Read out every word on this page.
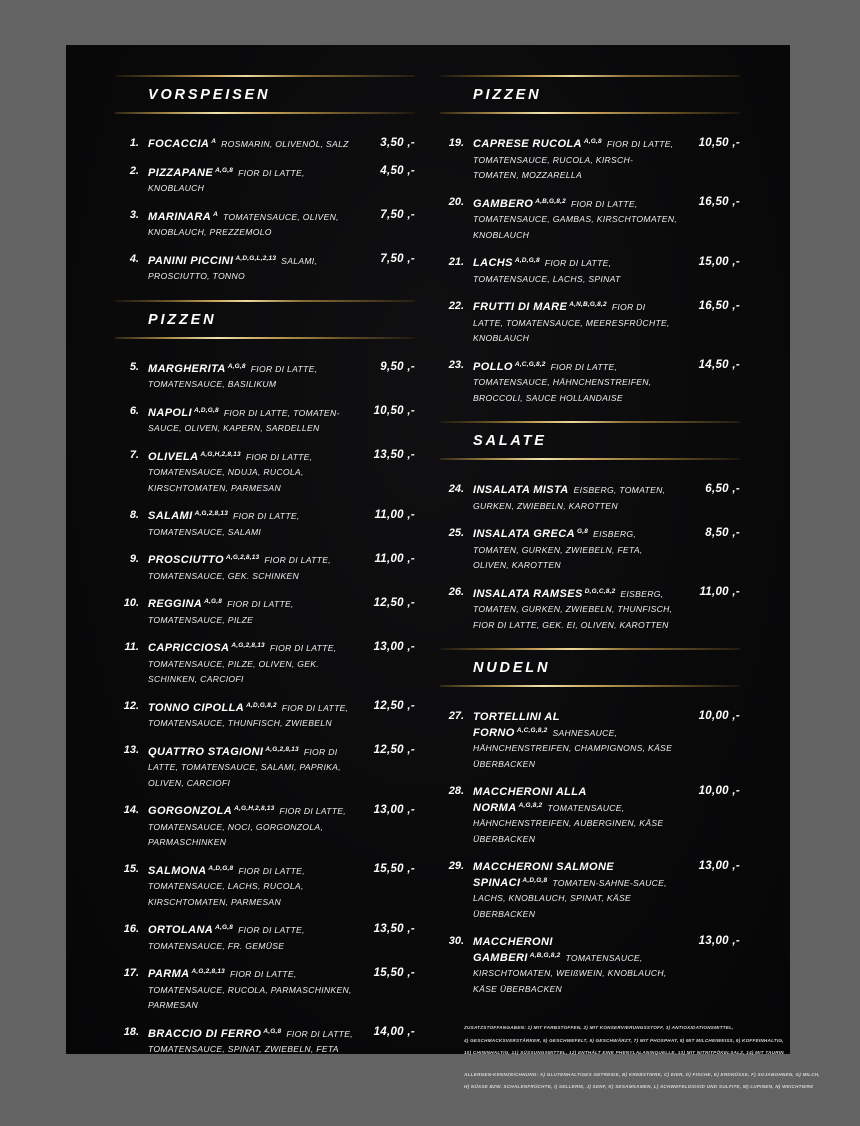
VORSPEISEN
1. FOCACCIA $^A$ ROSMARIN, OLIVENÖL, SALZ	3,50 ,-
2. PIZZAPANE $^{A,G,8}$ FIOR DI LATTE, KNOBLAUCH

4,50 ,-
3. MARINARA $^A$ TOMATENSAUCE, OLIVEN, KNOBLAUCH, PREZZEMOLO

7,50 ,-
4. PANINI PICCINI $^{A,D,G,L,2,13}$ SALAMI, PROSCIUTTO, TONNO

7,50 ,-
PIZZEN
5. MARGHERITA $^{A,G,8}$ FIOR DI LATTE, TOMATENSAUCE, BASILIKUM

9,50 ,-
6. NAPOLI $^{A,D,G,8}$ FIOR DI LATTE, TOMATEN-SAUCE, OLIVEN, KAPERN, SARDELLEN

10,50 ,-
7. OLIVELA $^{A,G,H,2,8,13}$ FIOR DI LATTE, TOMATENSAUCE, NDUJA, RUCOLA, KIRSCHTOMATEN, PARMESAN

13,50 ,-
8. SALAMI $^{A,G,2,8,13}$ FIOR DI LATTE, TOMATENSAUCE, SALAMI

11,00 ,-
9. PROSCIUTTO $^{A,G,2,8,13}$ FIOR DI LATTE, TOMATENSAUCE, GEK. SCHINKEN

11,00 ,-
10. REGGINA $^{A,G,8}$ FIOR DI LATTE, TOMATENSAUCE, PILZE

12,50 ,-
11. CAPRICCIOSA $^{A,G,2,8,13}$ FIOR DI LATTE, TOMATENSAUCE, PILZE, OLIVEN, GEK. SCHINKEN, CARCIOFI

13,00 ,-
12. TONNO CIPOLLA $^{A,D,G,8,2}$ FIOR DI LATTE, TOMATENSAUCE, THUNFISCH, ZWIEBELN

12,50 ,-
13. QUATTRO STAGIONI $^{A,G,2,8,13}$ FIOR DI LATTE, TOMATENSAUCE, SALAMI, PAPRIKA, OLIVEN, CARCIOFI

12,50 ,-
14. GORGONZOLA $^{A,G,H,2,8,13}$ FIOR DI LATTE, TOMATENSAUCE, NOCI, GORGONZOLA, PARMASCHINKEN

13,00 ,-
15. SALMONA $^{A,D,G,8}$ FIOR DI LATTE, TOMATENSAUCE, LACHS, RUCOLA, KIRSCHTOMATEN, PARMESAN

15,50 ,-
16. ORTOLANA $^{A,G,8}$ FIOR DI LATTE, TOMATENSAUCE, FR. GEMÜSE

13,50 ,-
17. PARMA $^{A,G,2,8,13}$ FIOR DI LATTE, TOMATENSAUCE, RUCOLA, PARMASCHINKEN, PARMESAN

15,50 ,-
18. BRACCIO DI FERRO $^{A,G,8}$ FIOR DI LATTE, TOMATENSAUCE, SPINAT, ZWIEBELN, FETA

14,00 ,-
PIZZEN
19. CAPRESE RUCOLA $^{A,G,8}$ FIOR DI LATTE, TOMATENSAUCE, RUCOLA, KIRSCH-TOMATEN, MOZZARELLA

10,50 ,-
20. GAMBERO $^{A,B,G,8,2}$ FIOR DI LATTE, TOMATENSAUCE, GAMBAS, KIRSCHTOMATEN, KNOBLAUCH

16,50 ,-
21. LACHS $^{A,D,G,8}$ FIOR DI LATTE, TOMATENSAUCE, LACHS, SPINAT

15,00 ,-
22. FRUTTI DI MARE $^{A,N,B,G,8,2}$ FIOR DI LATTE, TOMATENSAUCE, MEERESFRÜCHTE, KNOBLAUCH

16,50 ,-
23. POLLO $^{A,C,G,8,2}$ FIOR DI LATTE, TOMATENSAUCE, HÄHNCHENSTREIFEN, BROCCOLI, SAUCE HOLLANDAISE

14,50 ,-
SALATE
24. INSALATA MISTA EISBERG, TOMATEN, GURKEN, ZWIEBELN, KAROTTEN

6,50 ,-
25. INSALATA GRECA $^{G,8}$ EISBERG, TOMATEN, GURKEN, ZWIEBELN, FETA, OLIVEN, KAROTTEN

8,50 ,-
26. INSALATA RAMSES $^{D,G,C,8,2}$ EISBERG, TOMATEN, GURKEN, ZWIEBELN, THUNFISCH, FIOR DI LATTE, GEK. EI, OLIVEN, KAROTTEN

11,00 ,-
NUDELN
27. TORTELLINI AL FORNO $^{A,C,G,8,2}$ SAHNESAUCE, HÄHNCHENSTREIFEN, CHAMPIGNONS, KÄSE ÜBERBACKEN

10,00 ,-
28. MACCHERONI ALLA NORMA $^{A,G,8,2}$ TOMATENSAUCE, HÄHNCHENSTREIFEN, AUBERGINEN, KÄSE ÜBERBACKEN

10,00 ,-
29. MACCHERONI SALMONE SPINACI $^{A,D,G,8}$ TOMATEN-SAHNE-SAUCE, LACHS, KNOBLAUCH, SPINAT, KÄSE ÜBERBACKEN

13,00 ,-
30. MACCHERONI GAMBERI $^{A,B,G,8,2}$ TOMATENSAUCE, KIRSCHTOMATEN, WEIßWEIN, KNOBLAUCH, KÄSE ÜBERBACKEN

13,00 ,-
ZUSATZSTOFFANGABEN: 1) MIT FARBSTOFFEN, 2) MIT KONSERVIERUNGSSTOFF, 3) ANTIOXIDATIONSMITTEL,
4) GESCHMACKSVERSTÄRKER, 5) GESCHWEFELT, 6) GESCHWÄRZT, 7) MIT PHOSPHAT, 8) MIT MILCHEIWEISS, 9) KOFFEINHALTIG,
10) CHININHALTIG, 11) SÜSSUNGSMITTEL, 12) ENTHÄLT EINE PHENYLALANINQUELLE, 13) MIT NITRITPÖKELSALZ, 14) MIT TAURIN
ALLERGEN-KENNZEICHNUNG: A) GLUTENHALTIGES GETREIDE, B) KREBSTIERE, C) EIER, D) FISCHE, E) ERDNÜSSE, F) SOJABOHNEN, G) MILCH,
H) NÜSSE BZW. SCHALENFRÜCHTE, I) SELLERIE, J) SENF, K) SESAMSAMEN, L) SCHWEFELDIOXID UND SULFITE, M) LUPINEN, N) WEICHTIERE
